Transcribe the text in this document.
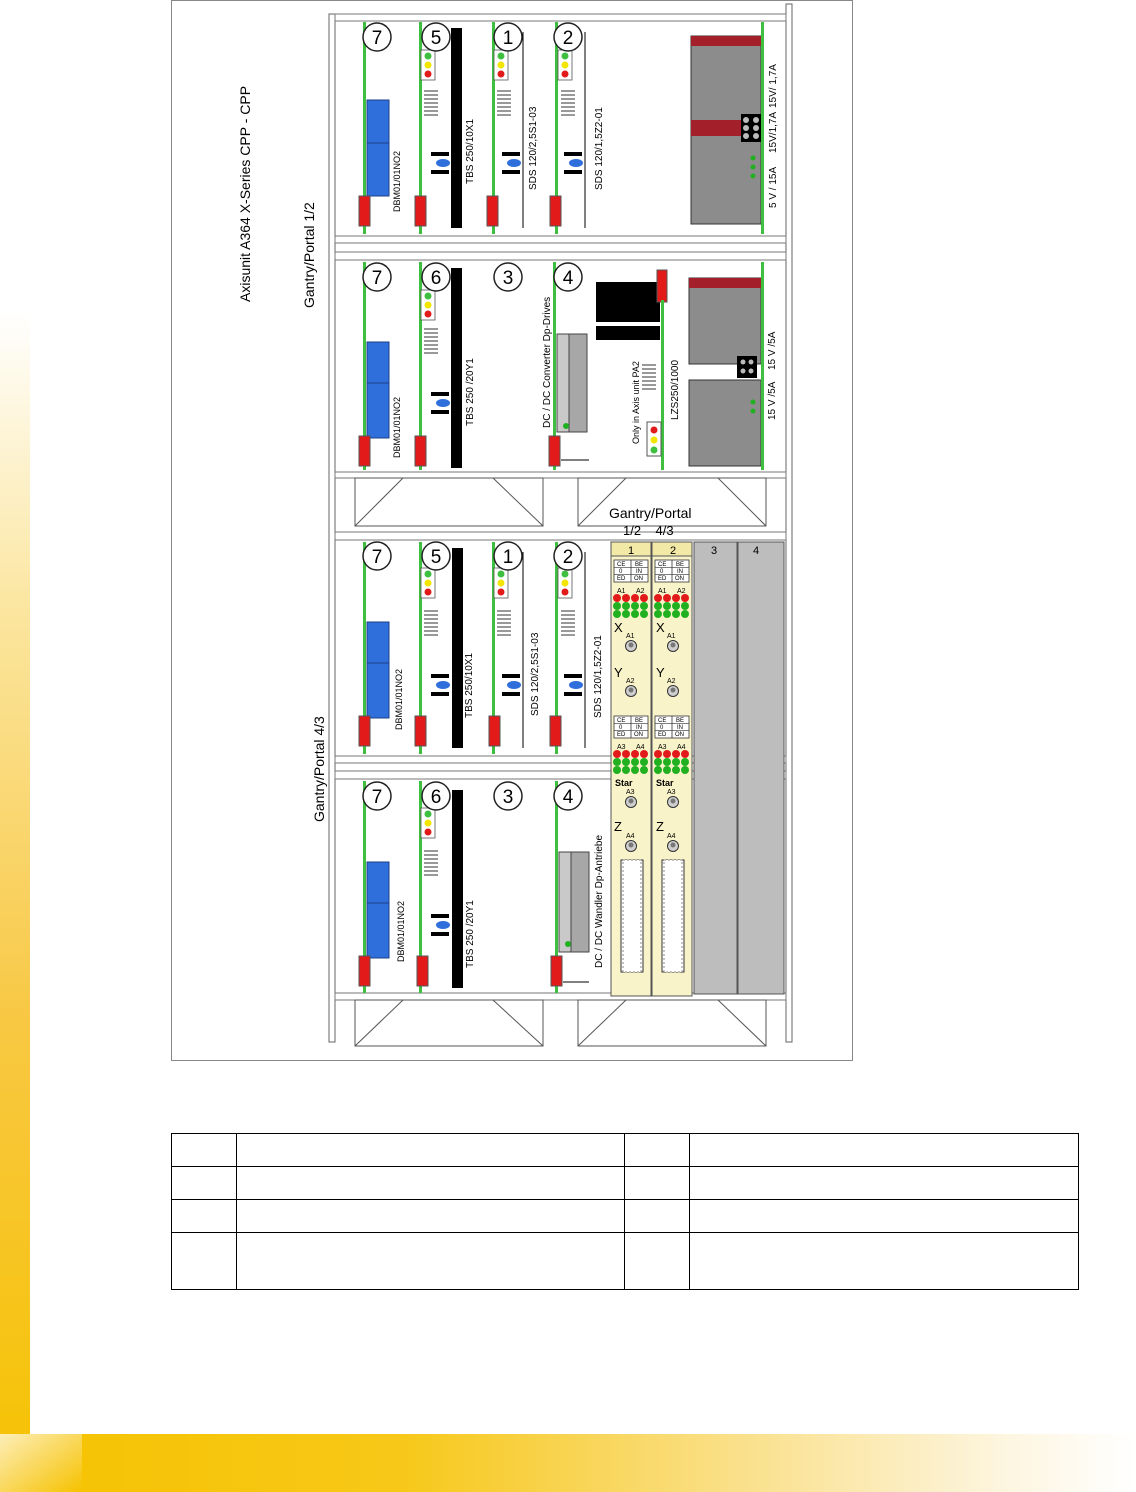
Axisunit A364 X-Series CPP - CPP	Gantry/Portal 1/2
Gantry/Portal 4/3
Gantry/Portal
1/2    4/3
7	5	1	2
7	6	3	4
7	5	1	2
7	6	3	4
DBM01/01NO2	TBS 250/10X1	SDS 120/2,5S1-03	SDS 120/1,5Z2-01	5 V / 15A
15V/1,7A
15V/ 1,7A
DBM01/01NO2
TBS 250 /20Y1	DC / DC Converter Dp-Drives	Only in Axis unit PA2	LZS250/1000	15 V /5A
15 V /5A
DBM01/01NO2	TBS 250/10X1	SDS 120/2,5S1-03	SDS 120/1,5Z2-01
DBM01/01NO2	TBS 250 /20Y1	DC / DC Wandler Dp-Antriebe
1	2	3	4
CE BE
0 IN
ED ON
CE BE
0 IN
ED ON
CE BE
0 IN
ED ON
CE BE
0 IN
ED ON
A1 A2 A1 A2
A3 A4 A3 A4
A1	A1
A2	A2
A3	A3
A4	A4
X	X
Y	Y
Z	Z
Star	Star
